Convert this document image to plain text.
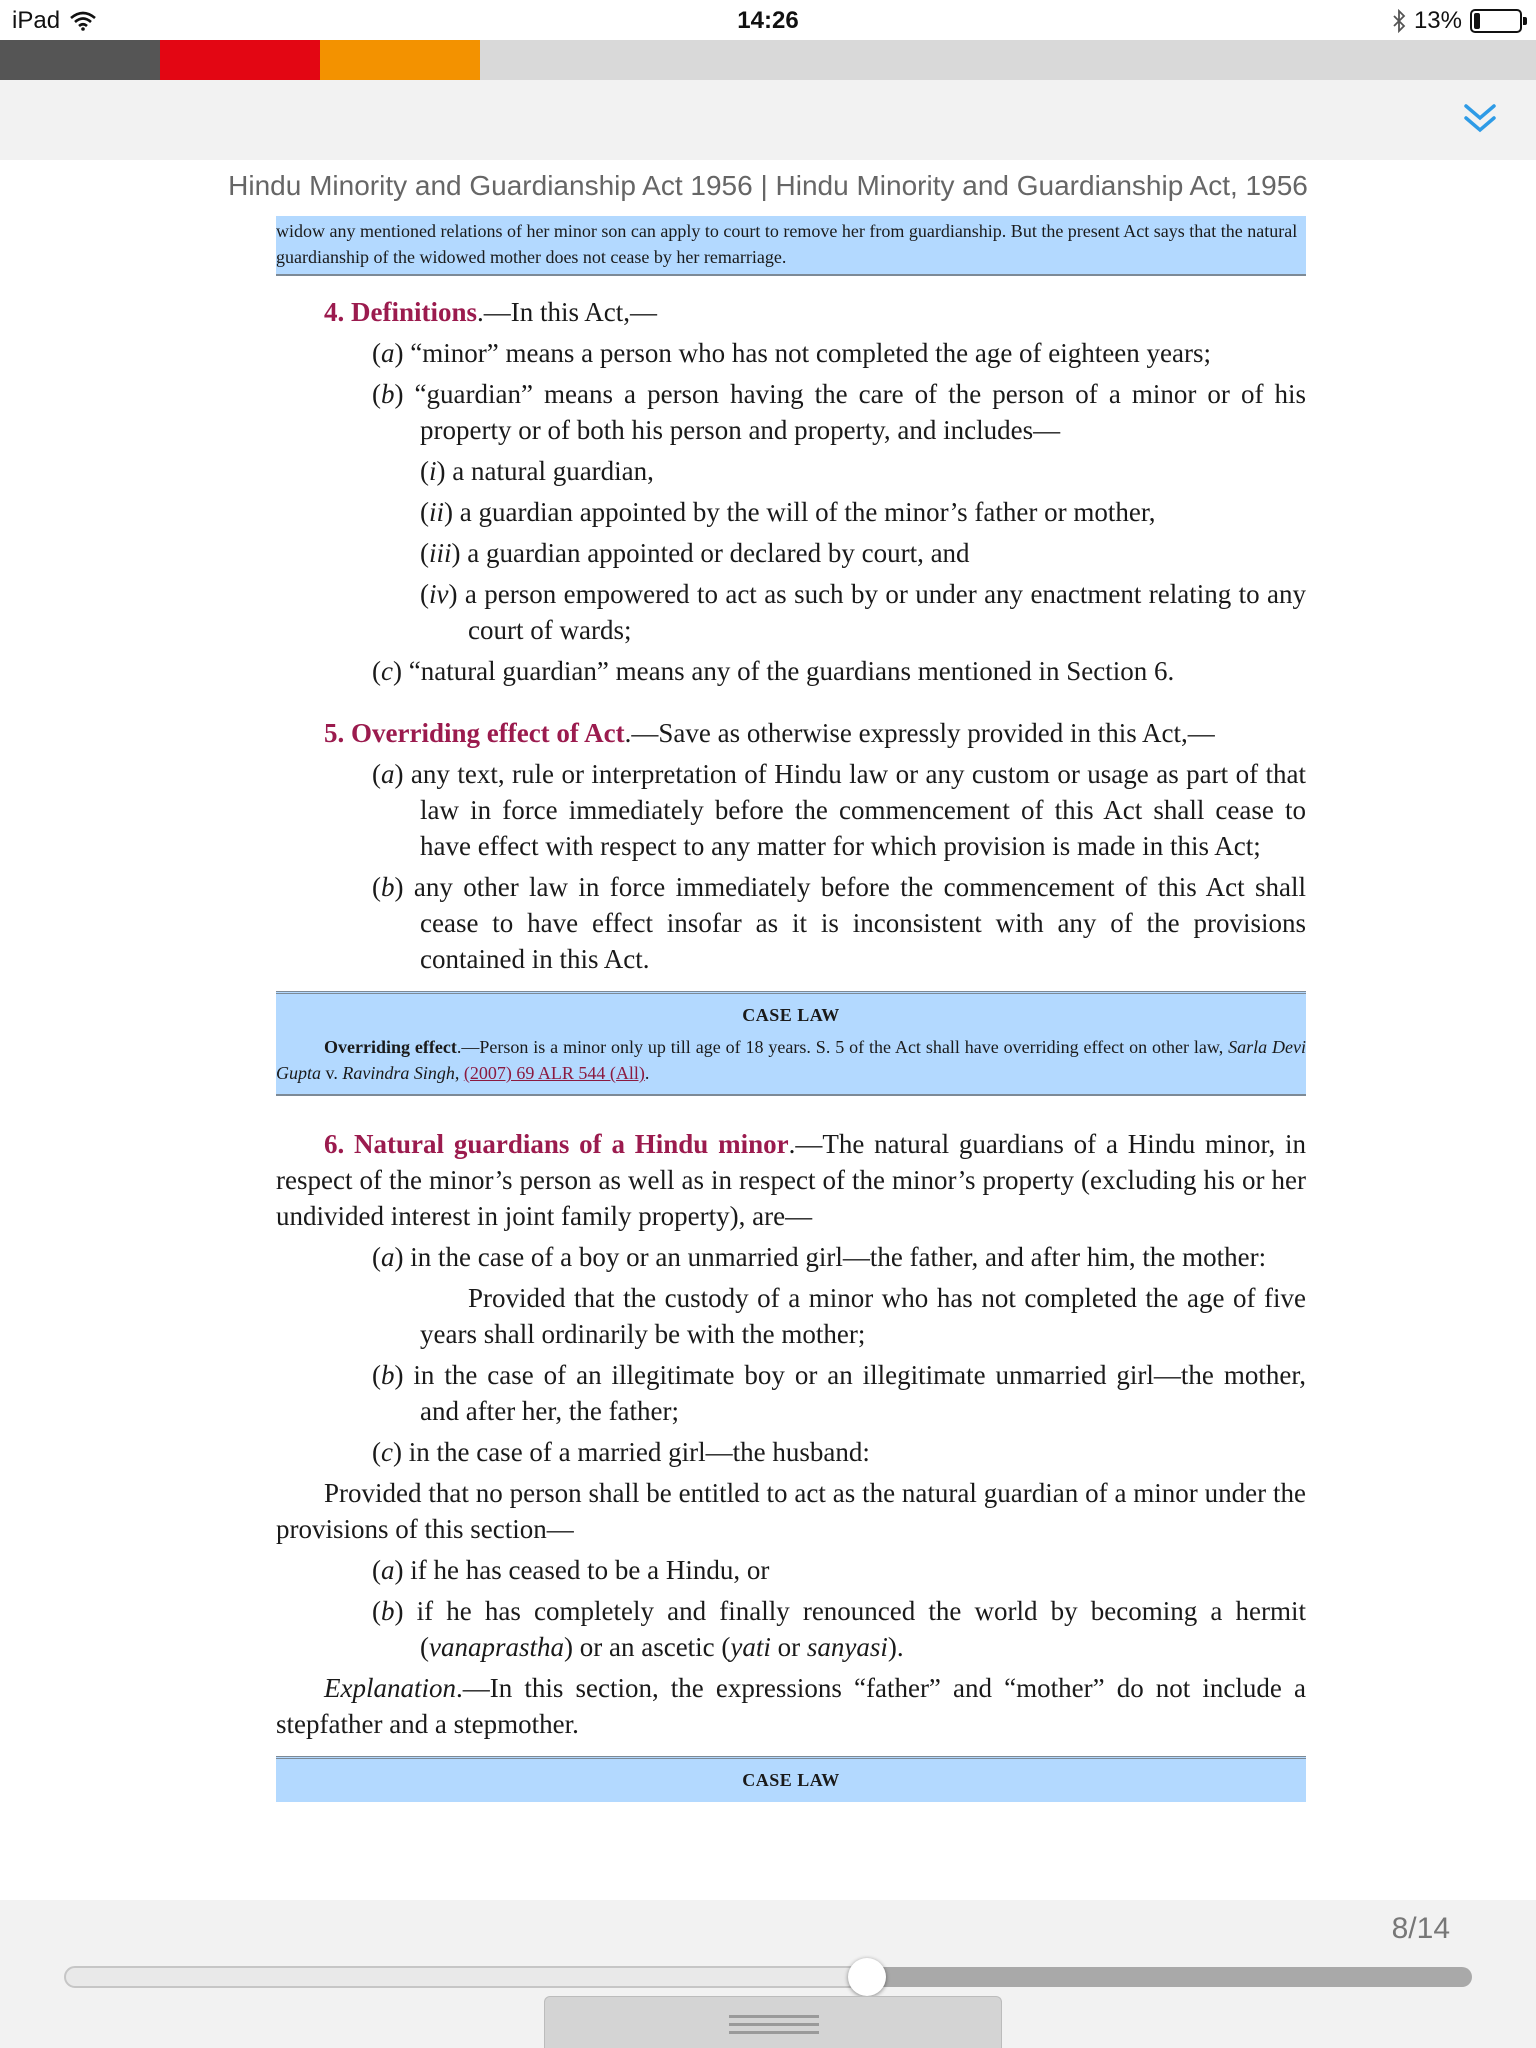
iPad	14:26	13%
Hindu Minority and Guardianship Act 1956 | Hindu Minority and Guardianship Act, 1956
widow any mentioned relations of her minor son can apply to court to remove her from guardianship. But the present Act says that the natural guardianship of the widowed mother does not cease by her remarriage.

4. Definitions.—In this Act,—

(a) “minor” means a person who has not completed the age of eighteen years;

(b) “guardian” means a person having the care of the person of a minor or of his property or of both his person and property, and includes—

(i) a natural guardian,

(ii) a guardian appointed by the will of the minor’s father or mother,

(iii) a guardian appointed or declared by court, and

(iv) a person empowered to act as such by or under any enactment relating to any court of wards;

(c) “natural guardian” means any of the guardians mentioned in Section 6.

5. Overriding effect of Act.—Save as otherwise expressly provided in this Act,—

(a) any text, rule or interpretation of Hindu law or any custom or usage as part of that law in force immediately before the commencement of this Act shall cease to have effect with respect to any matter for which provision is made in this Act;

(b) any other law in force immediately before the commencement of this Act shall cease to have effect insofar as it is inconsistent with any of the provisions contained in this Act.

CASE LAW

Overriding effect.—Person is a minor only up till age of 18 years. S. 5 of the Act shall have overriding effect on other law, Sarla Devi Gupta v. Ravindra Singh, (2007) 69 ALR 544 (All).

6. Natural guardians of a Hindu minor.—The natural guardians of a Hindu minor, in respect of the minor’s person as well as in respect of the minor’s property (excluding his or her undivided interest in joint family property), are—

(a) in the case of a boy or an unmarried girl—the father, and after him, the mother:

Provided that the custody of a minor who has not completed the age of five years shall ordinarily be with the mother;

(b) in the case of an illegitimate boy or an illegitimate unmarried girl—the mother, and after her, the father;

(c) in the case of a married girl—the husband:

Provided that no person shall be entitled to act as the natural guardian of a minor under the provisions of this section—

(a) if he has ceased to be a Hindu, or

(b) if he has completely and finally renounced the world by becoming a hermit (vanaprastha) or an ascetic (yati or sanyasi).

Explanation.—In this section, the expressions “father” and “mother” do not include a stepfather and a stepmother.

CASE LAW
8/14
